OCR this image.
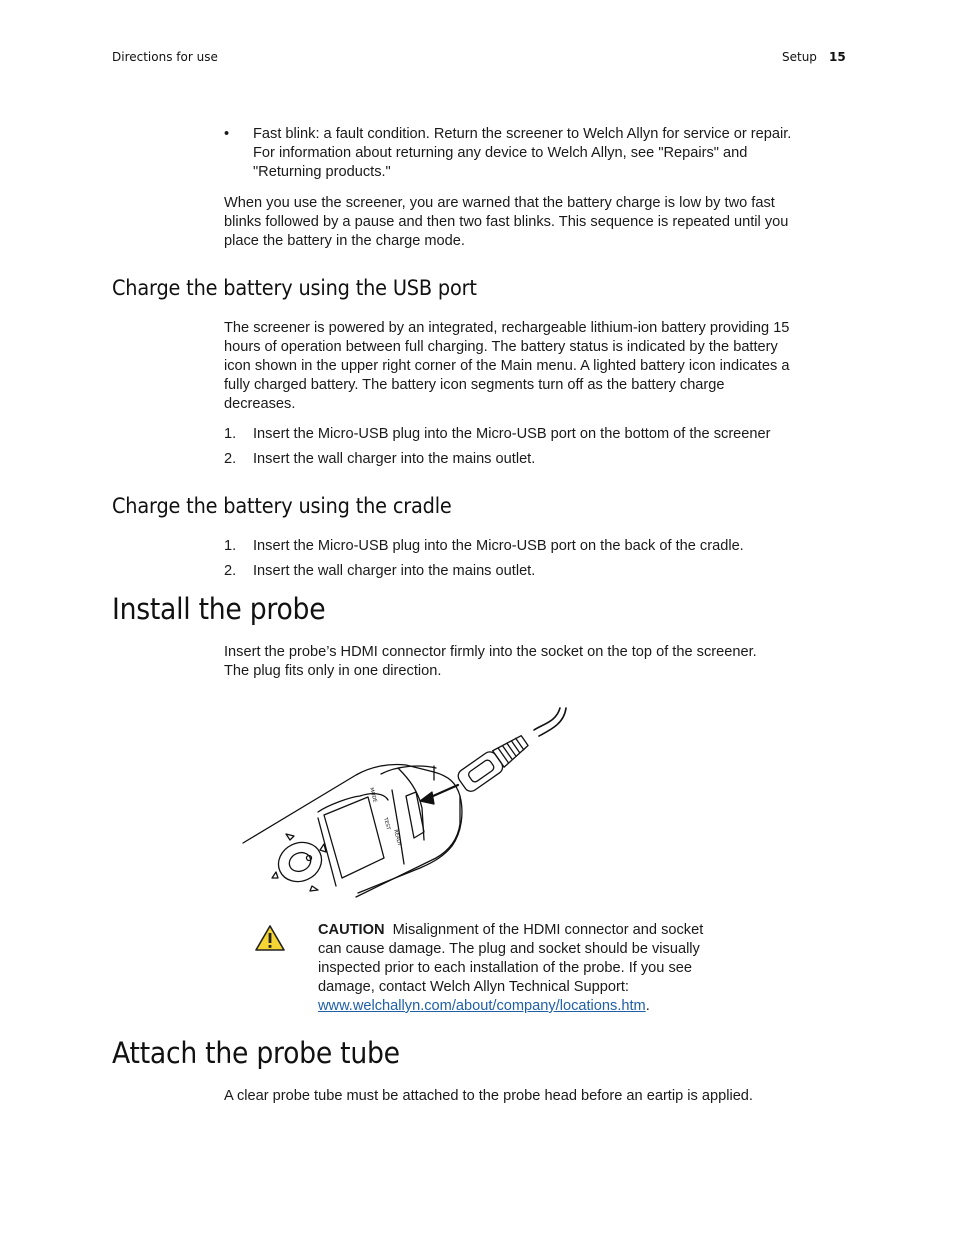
Directions for use	Setup 15
• Fast blink: a fault condition. Return the screener to Welch Allyn for service or repair.

For information about returning any device to Welch Allyn, see "Repairs" and

"Returning products."

When you use the screener, you are warned that the battery charge is low by two fast

blinks followed by a pause and then two fast blinks. This sequence is repeated until you

place the battery in the charge mode.

Charge the battery using the USB port

The screener is powered by an integrated, rechargeable lithium-ion battery providing 15

hours of operation between full charging. The battery status is indicated by the battery

icon shown in the upper right corner of the Main menu. A lighted battery icon indicates a

fully charged battery. The battery icon segments turn off as the battery charge

decreases.

1. Insert the Micro-USB plug into the Micro-USB port on the bottom of the screener
2. Insert the wall charger into the mains outlet.
Charge the battery using the cradle
1. Insert the Micro-USB plug into the Micro-USB port on the back of the cradle.
2. Insert the wall charger into the mains outlet.
Install the probe

Insert the probe’s HDMI connector firmly into the socket on the top of the screener.

The plug fits only in one direction.

MODE
TEST
READY

CAUTION Misalignment of the HDMI connector and socket

can cause damage. The plug and socket should be visually

inspected prior to each installation of the probe. If you see

damage, contact Welch Allyn Technical Support:

www.welchallyn.com/about/company/locations.htm.

Attach the probe tube
A clear probe tube must be attached to the probe head before an eartip is applied.
